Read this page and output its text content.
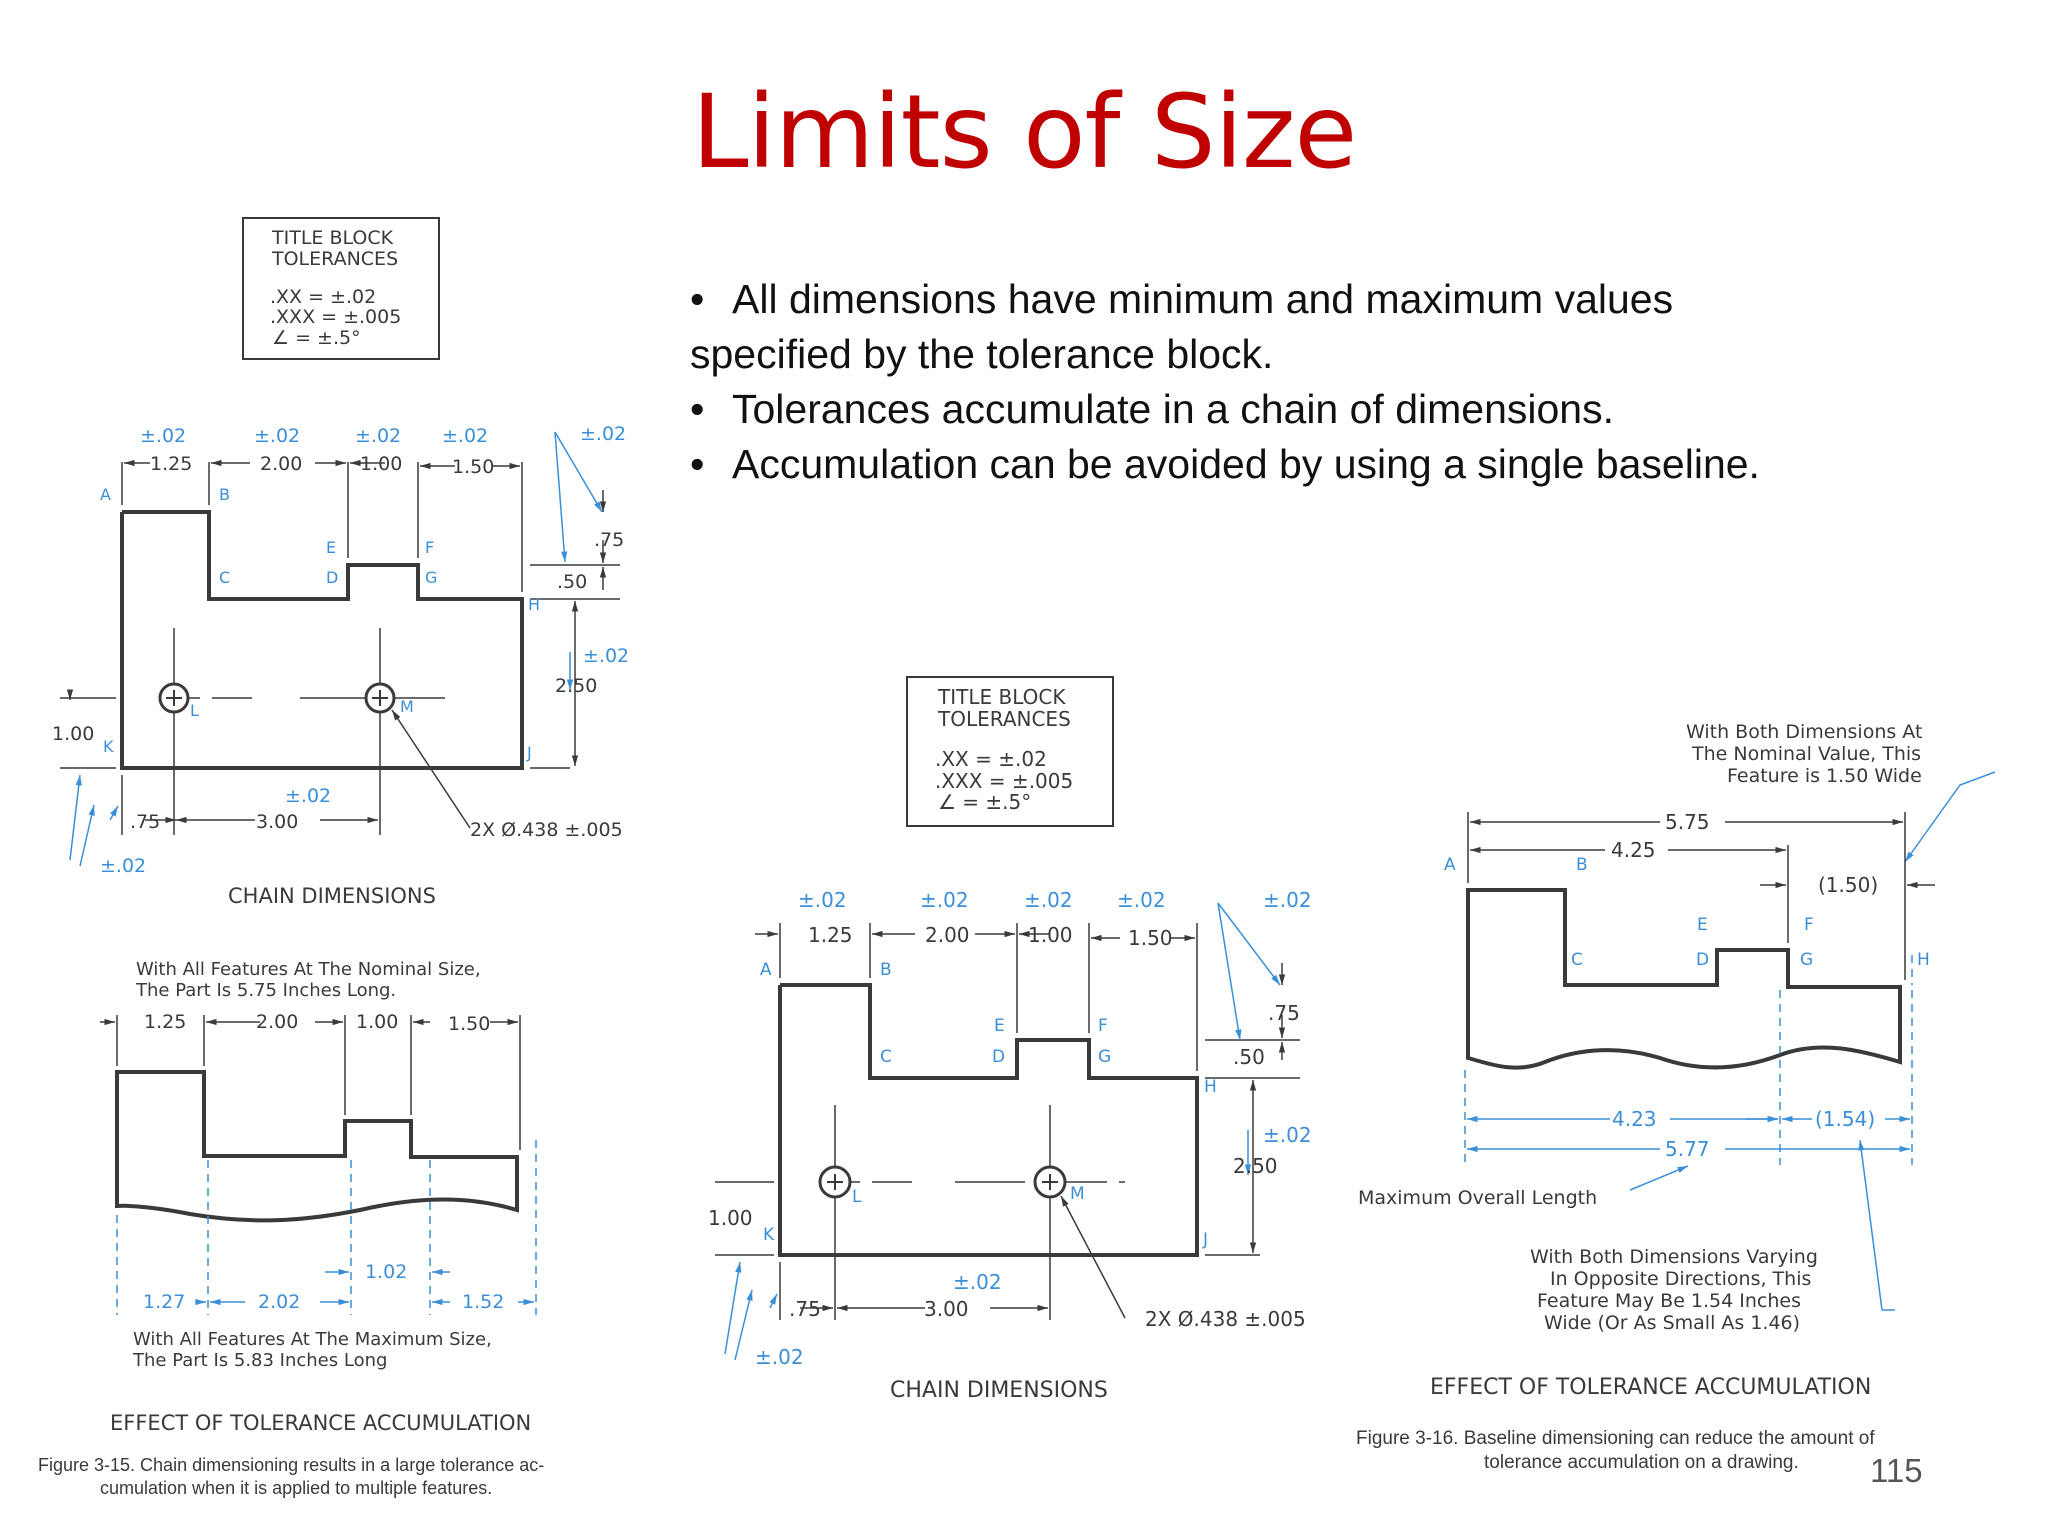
Limits of Size
• All dimensions have minimum and maximum values
specified by the tolerance block.
• Tolerances accumulate in a chain of dimensions.
• Accumulation can be avoided by using a single baseline.
115
TITLE BLOCK
TOLERANCES
.XX = ±.02
.XXX = ±.005
∠ = ±.5°
±.02	±.02	±.02 ±.02	±.02
1.25	2.00	1.00	1.50
.75
.50
±.02
2.50
1.00
±.02
.75	3.00	2X Ø.438 ±.005
±.02
CHAIN DIMENSIONS
A	B
C	D
E	F
G
H
J
K
L	M
With All Features At The Nominal Size,
The Part Is 5.75 Inches Long.
1.25	2.00	1.00	1.50
1.27	2.02
1.02
1.52
With All Features At The Maximum Size,
The Part Is 5.83 Inches Long
EFFECT OF TOLERANCE ACCUMULATION
Figure 3-15. Chain dimensioning results in a large tolerance ac-
cumulation when it is applied to multiple features.
TITLE BLOCK
TOLERANCES
.XX = ±.02
.XXX = ±.005
∠ = ±.5°
±.02	±.02	±.02 ±.02	±.02
1.25	2.00	1.00	1.50
.75
.50
±.02
2.50
1.00
±.02
.75	3.00	2X Ø.438 ±.005
±.02
CHAIN DIMENSIONS
A	B
C	D
E	F
G
H
J
K
L	M
With Both Dimensions At
The Nominal Value, This
Feature is 1.50 Wide
5.75
4.25
(1.50)
A	B
C	D
E	F
G	H
4.23	(1.54)
5.77
Maximum Overall Length
With Both Dimensions Varying
In Opposite Directions, This
Feature May Be 1.54 Inches
Wide (Or As Small As 1.46)
EFFECT OF TOLERANCE ACCUMULATION
Figure 3-16. Baseline dimensioning can reduce the amount of
tolerance accumulation on a drawing.
